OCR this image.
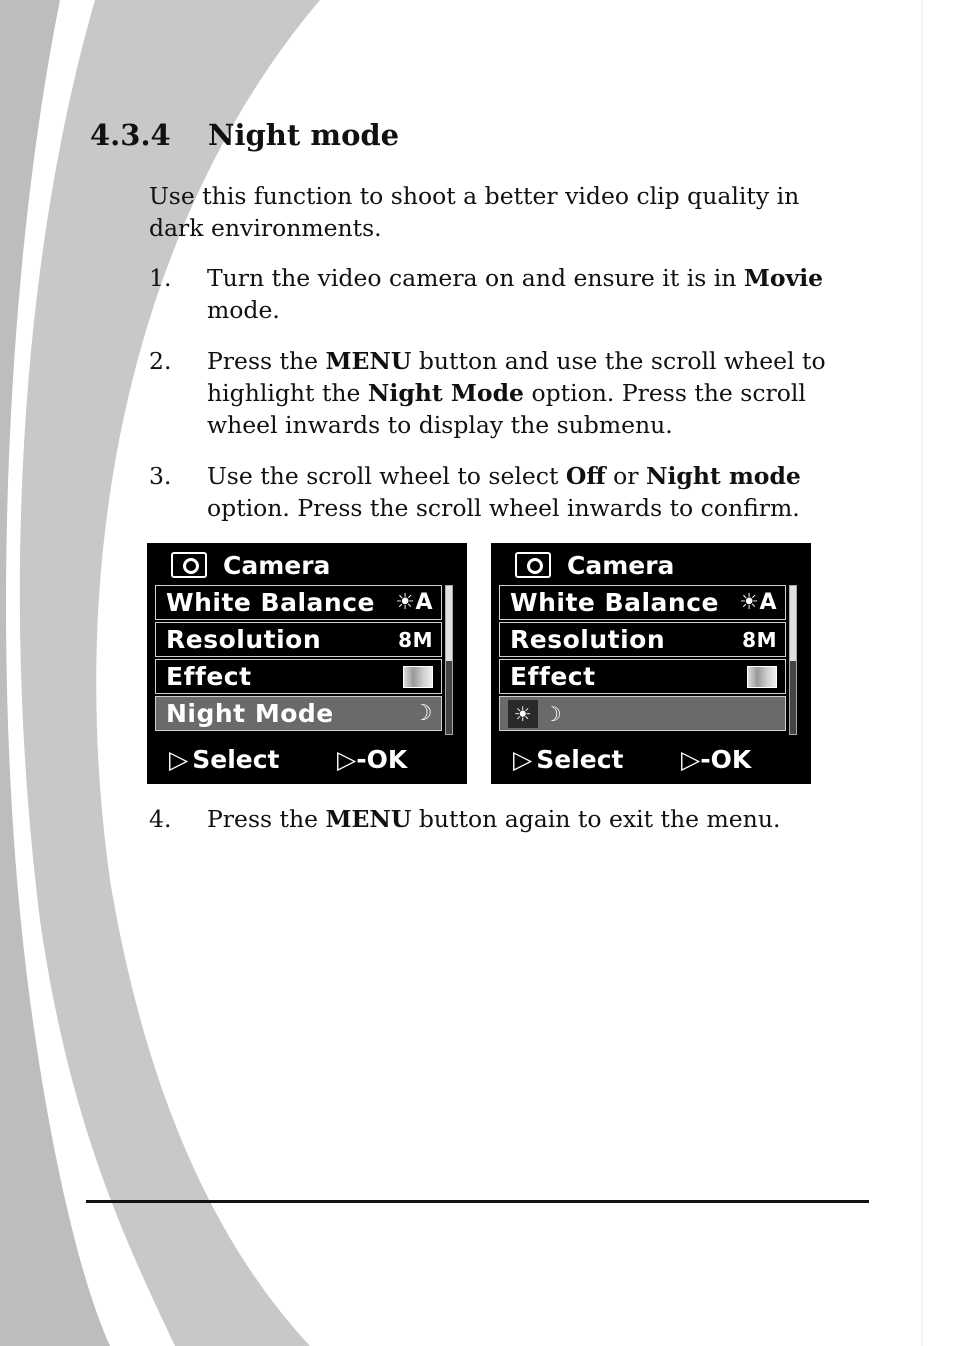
4.3.4	Night mode

Use this function to shoot a better video clip quality in dark environments.

1. Turn the video camera on and ensure it is in Movie mode.
2. Press the MENU button and use the scroll wheel to highlight the Night Mode option. Press the scroll wheel inwards to display the submenu.
3. Use the scroll wheel to select Off or Night mode option. Press the scroll wheel inwards to confirm.
Camera
White Balance ☀A
Resolution	8M
Effect
Night Mode	☽
▷ Select ▷-OK
Camera
White Balance ☀A
Resolution	8M
Effect
☀ ☽
▷ Select ▷-OK
4. Press the MENU button again to exit the menu.
